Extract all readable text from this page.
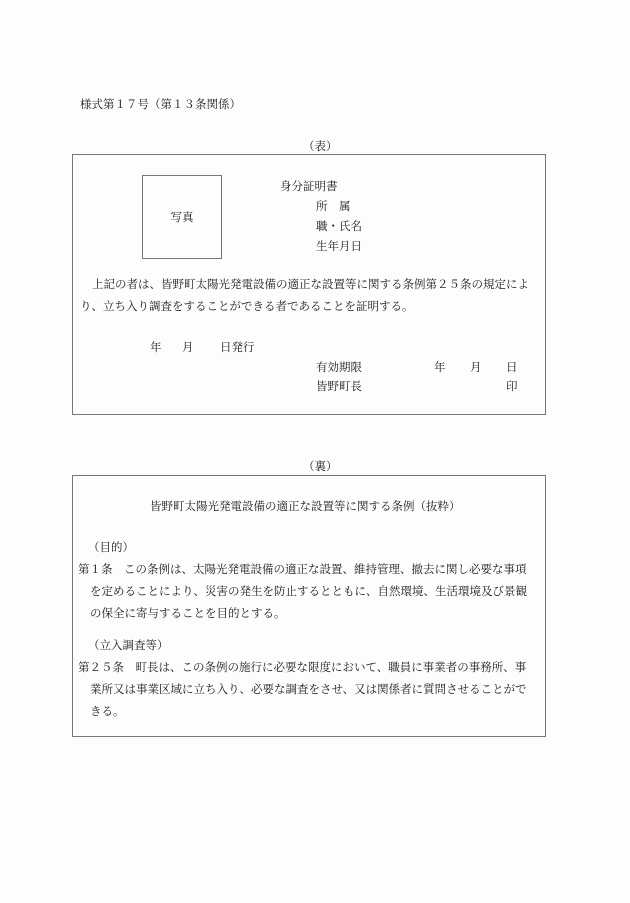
様式第１７号（第１３条関係）
（表）
写真
身分証明書
所　属
職・氏名
生年月日
上記の者は、皆野町太陽光発電設備の適正な設置等に関する条例第２５条の規定によ
り、立ち入り調査をすることができる者であることを証明する。
年 月 日発行
有効期限	年 月 日
皆野町長	印
（裏）
皆野町太陽光発電設備の適正な設置等に関する条例（抜粋）
（目的）
第１条　この条例は、太陽光発電設備の適正な設置、維持管理、撤去に関し必要な事項
を定めることにより、災害の発生を防止するとともに、自然環境、生活環境及び景観
の保全に寄与することを目的とする。
（立入調査等）
第２５条　町長は、この条例の施行に必要な限度において、職員に事業者の事務所、事
業所又は事業区域に立ち入り、必要な調査をさせ、又は関係者に質問させることがで
きる。
